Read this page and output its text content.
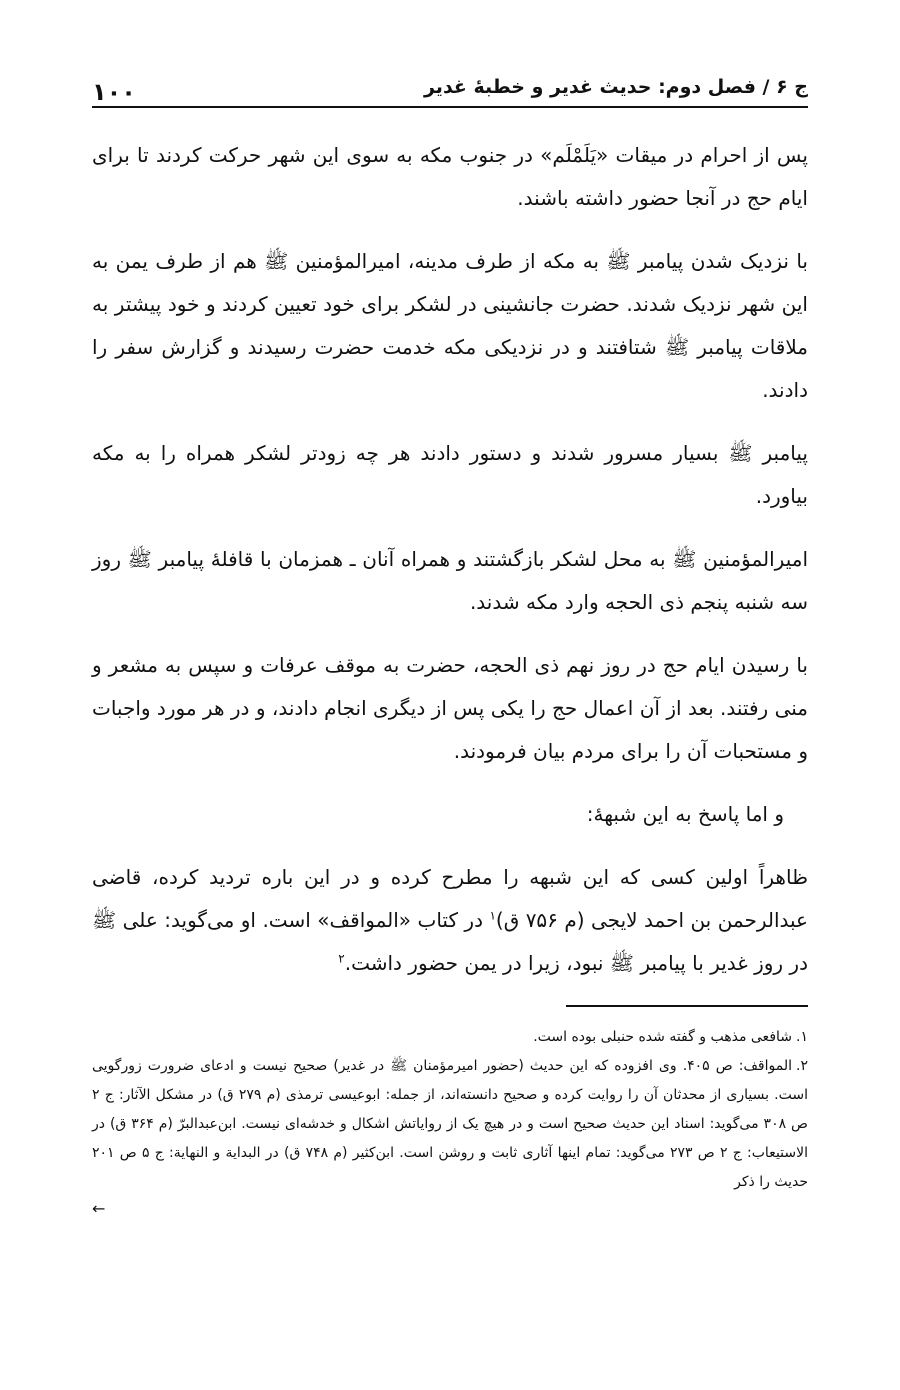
ج ۶ / فصل دوم: حدیث غدیر و خطبهٔ غدیر
۱۰۰

پس از احرام در میقات «یَلَمْلَم» در جنوب مکه به سوی این شهر حرکت کردند تا برای ایام حج در آنجا حضور داشته باشند.

با نزدیک شدن پیامبر ﷺ به مکه از طرف مدینه، امیرالمؤمنین ﷺ هم از طرف یمن به این شهر نزدیک شدند. حضرت جانشینی در لشکر برای خود تعیین کردند و خود پیشتر به ملاقات پیامبر ﷺ شتافتند و در نزدیکی مکه خدمت حضرت رسیدند و گزارش سفر را دادند.

پیامبر ﷺ بسیار مسرور شدند و دستور دادند هر چه زودتر لشکر همراه را به مکه بیاورد.

امیرالمؤمنین ﷺ به محل لشکر بازگشتند و همراه آنان ـ همزمان با قافلهٔ پیامبر ﷺ روز سه شنبه پنجم ذی الحجه وارد مکه شدند.

با رسیدن ایام حج در روز نهم ذی الحجه، حضرت به موقف عرفات و سپس به مشعر و منی رفتند. بعد از آن اعمال حج را یکی پس از دیگری انجام دادند، و در هر مورد واجبات و مستحبات آن را برای مردم بیان فرمودند.

و اما پاسخ به این شبههٔ:

ظاهراً اولین کسی که این شبهه را مطرح کرده و در این باره تردید کرده، قاضی عبدالرحمن بن احمد لایجی (م ۷۵۶ ق)$^۱$ در کتاب «المواقف» است. او می‌گوید: علی ﷺ در روز غدیر با پیامبر ﷺ نبود، زیرا در یمن حضور داشت.$^۲$

۱.شافعی مذهب و گفته شده حنبلی بوده است.

۲.المواقف: ص ۴۰۵. وی افزوده که این حدیث (حضور امیرمؤمنان ﷺ در غدیر) صحیح نیست و ادعای ضرورت زورگویی است. بسیاری از محدثان آن را روایت کرده و صحیح دانسته‌اند، از جمله: ابوعیسی ترمذی (م ۲۷۹ ق) در مشکل الآثار: ج ۲ ص ۳۰۸ می‌گوید: اسناد این حدیث صحیح است و در هیچ یک از روایاتش اشکال و خدشه‌ای نیست. ابن‌عبدالبرّ (م ۳۶۴ ق) در الاستیعاب: ج ۲ ص ۲۷۳ می‌گوید: تمام اینها آثاری ثابت و روشن است. ابن‌کثیر (م ۷۴۸ ق) در البدایة و النهایة: ج ۵ ص ۲۰۱ حدیث را ذکر

←
